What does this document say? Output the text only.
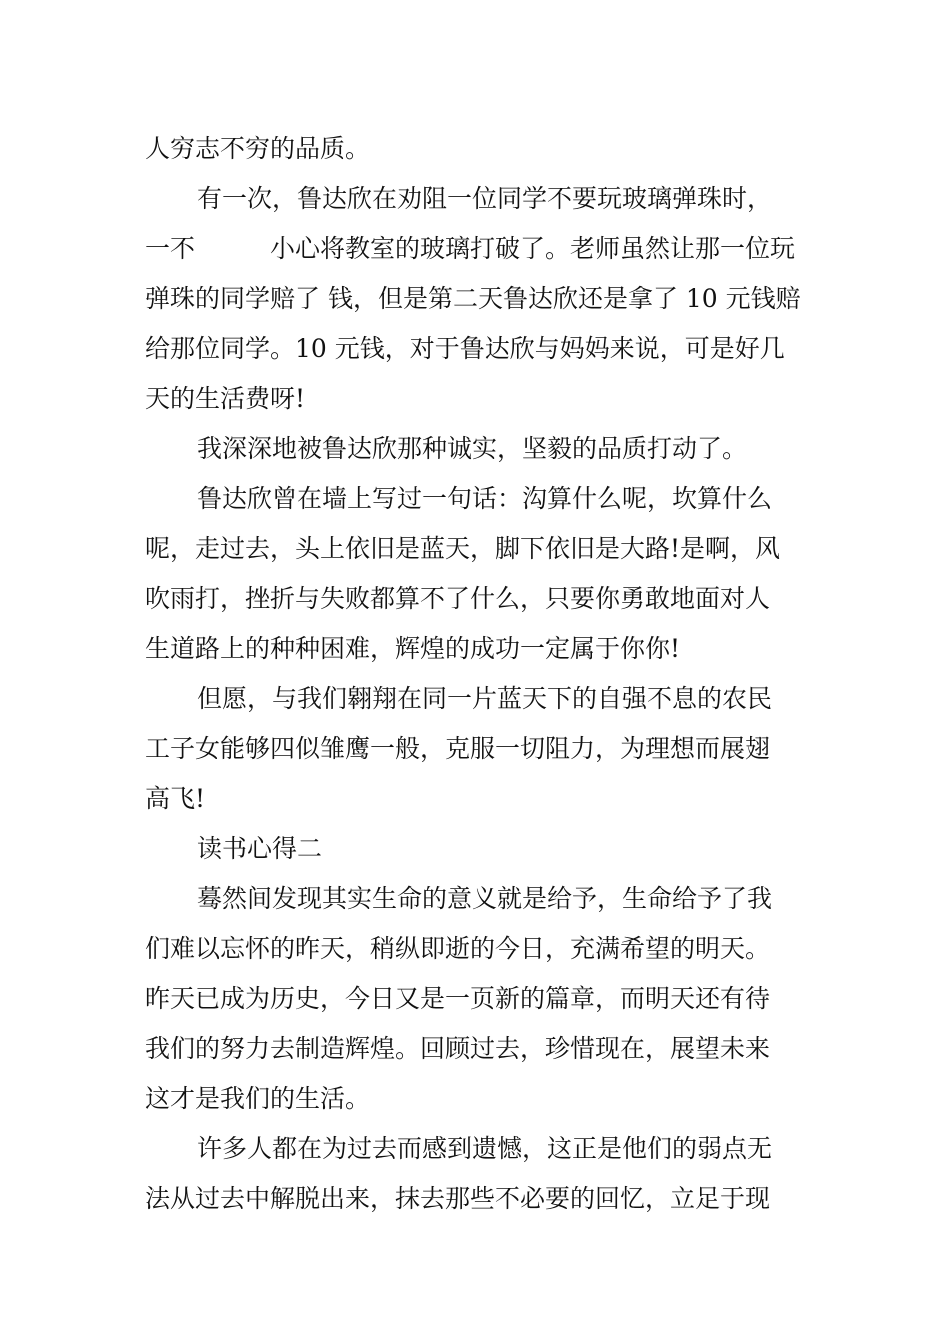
人穷志不穷的品质。
有一次，鲁达欣在劝阻一位同学不要玩玻璃弹珠时，
一不　　　小心将教室的玻璃打破了。老师虽然让那一位玩
弹珠的同学赔了 钱，但是第二天鲁达欣还是拿了 10 元钱赔
给那位同学。10 元钱，对于鲁达欣与妈妈来说，可是好几
天的生活费呀!
我深深地被鲁达欣那种诚实，坚毅的品质打动了。
鲁达欣曾在墙上写过一句话：沟算什么呢，坎算什么
呢，走过去，头上依旧是蓝天，脚下依旧是大路!是啊，风
吹雨打，挫折与失败都算不了什么，只要你勇敢地面对人
生道路上的种种困难，辉煌的成功一定属于你你!
但愿，与我们翱翔在同一片蓝天下的自强不息的农民
工子女能够四似雏鹰一般，克服一切阻力，为理想而展翅
高飞!
读书心得二
蓦然间发现其实生命的意义就是给予，生命给予了我
们难以忘怀的昨天，稍纵即逝的今日，充满希望的明天。
昨天已成为历史，今日又是一页新的篇章，而明天还有待
我们的努力去制造辉煌。回顾过去，珍惜现在，展望未来
这才是我们的生活。
许多人都在为过去而感到遗憾，这正是他们的弱点无
法从过去中解脱出来，抹去那些不必要的回忆，立足于现
